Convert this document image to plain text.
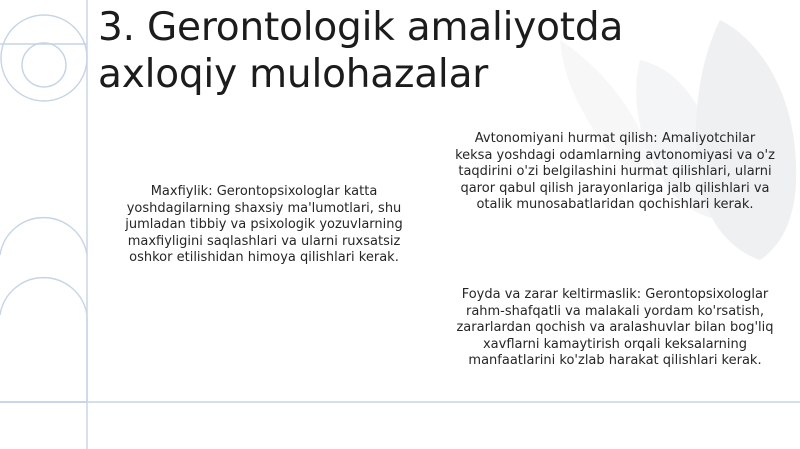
3. Gerontologik amaliyotda
axloqiy mulohazalar
Maxfiylik: Gerontopsixologlar katta
yoshdagilarning shaxsiy ma'lumotlari, shu
jumladan tibbiy va psixologik yozuvlarning
maxfiyligini saqlashlari va ularni ruxsatsiz
oshkor etilishidan himoya qilishlari kerak.
Avtonomiyani hurmat qilish: Amaliyotchilar
keksa yoshdagi odamlarning avtonomiyasi va o'z
taqdirini o'zi belgilashini hurmat qilishlari, ularni
qaror qabul qilish jarayonlariga jalb qilishlari va
otalik munosabatlaridan qochishlari kerak.
Foyda va zarar keltirmaslik: Gerontopsixologlar
rahm-shafqatli va malakali yordam ko'rsatish,
zararlardan qochish va aralashuvlar bilan bog'liq
xavflarni kamaytirish orqali keksalarning
manfaatlarini ko'zlab harakat qilishlari kerak.
